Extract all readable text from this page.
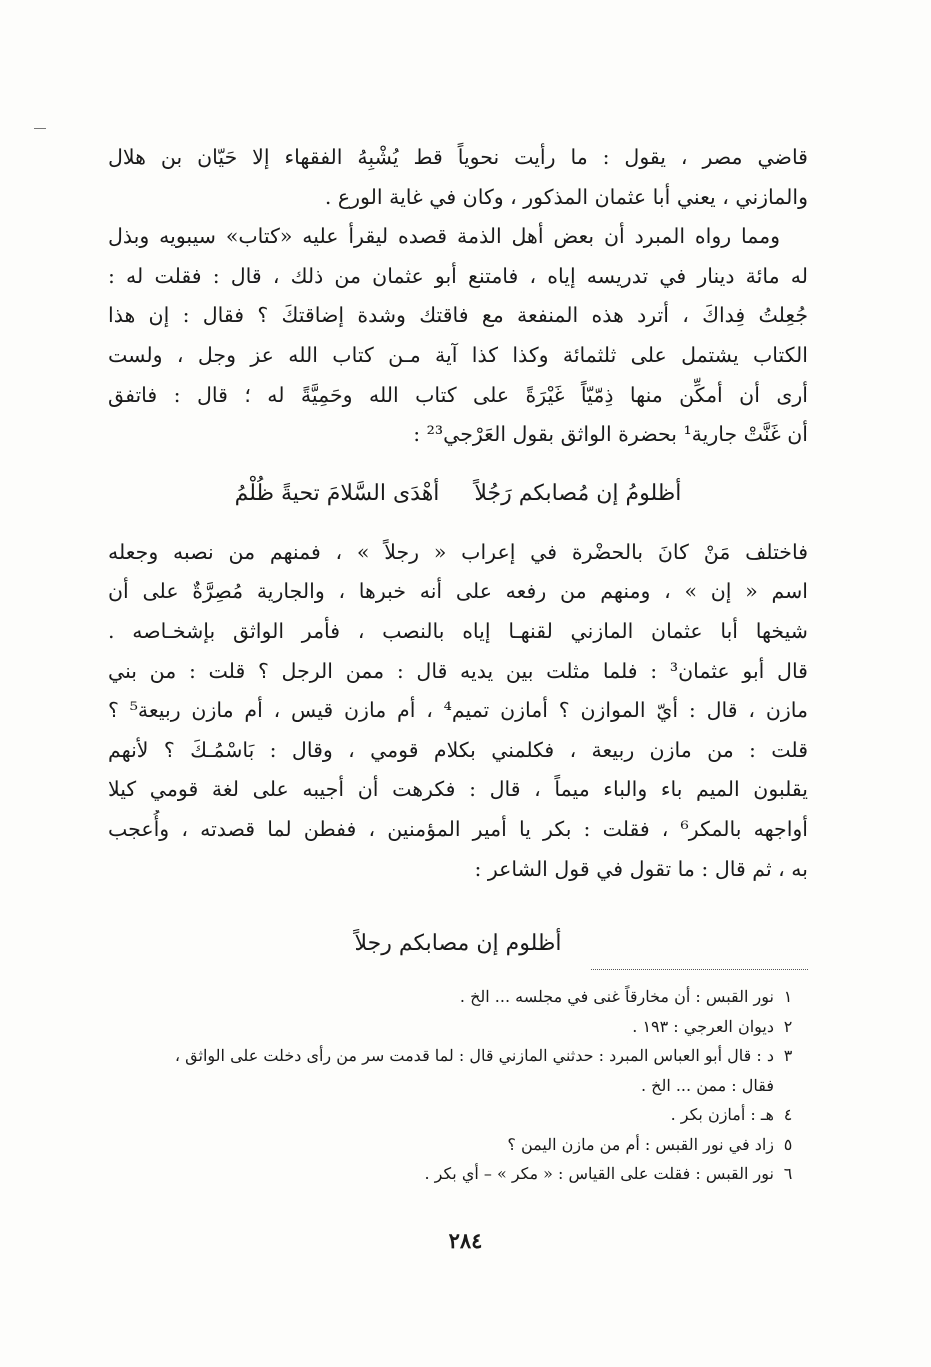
قاضي مصر ، يقول : ما رأيت نحوياً قط يُشْبِهُ الفقهاء إلا حَيّان بن هلال
والمازني ، يعني أبا عثمان المذكور ، وكان في غاية الورع .
ومما رواه المبرد أن بعض أهل الذمة قصده ليقرأ عليه «كتاب» سيبويه وبذل
له مائة دينار في تدريسه إياه ، فامتنع أبو عثمان من ذلك ، قال : فقلت له :
جُعِلتُ فِداكَ ، أترد هذه المنفعة مع فاقتك وشدة إضاقتكَ ؟ فقال : إن هذا
الكتاب يشتمل على ثلثمائة وكذا كذا آية مـن كتاب الله عز وجل ، ولست
أرى أن أمكِّن منها ذِمّيّاً غَيْرَةً على كتاب الله وحَمِيَّةً له ؛ قال : فاتفق
أن غَنَّتْ جارية¹ بحضرة الواثق بقول العَرْجي²³ :
أظلومُ إن مُصابكم رَجُلاً أهْدَى السَّلامَ تحيةً ظُلْمُ
فاختلف مَنْ كانَ بالحضْرة في إعراب « رجلاً » ، فمنهم من نصبه وجعله
اسم « إن » ، ومنهم من رفعه على أنه خبرها ، والجارية مُصِرَّةٌ على أن
شيخها أبا عثمان المازني لقنهـا إياه بالنصب ، فأمر الواثق بإشخـاصه .
قال أبو عثمان³ : فلما مثلت بين يديه قال : ممن الرجل ؟ قلت : من بني
مازن ، قال : أيّ الموازن ؟ أمازن تميم⁴ ، أم مازن قيس ، أم مازن ربيعة⁵ ؟
قلت : من مازن ربيعة ، فكلمني بكلام قومي ، وقال : بَاسْمُـكَ ؟ لأنهم
يقلبون الميم باء والباء ميماً ، قال : فكرهت أن أجيبه على لغة قومي كيلا
أواجهه بالمكر⁶ ، فقلت : بكر يا أمير المؤمنين ، ففطن لما قصدته ، وأُعجب
به ، ثم قال : ما تقول في قول الشاعر :
أظلوم إن مصابكم رجلاً
١نور القبس : أن مخارقاً غنى في مجلسه ... الخ .
٢ديوان العرجي : ١٩٣ .
٣د : قال أبو العباس المبرد : حدثني المازني قال : لما قدمت سر من رأى دخلت على الواثق ،
فقال : ممن ... الخ .
٤هـ : أمازن بكر .
٥زاد في نور القبس : أم من مازن اليمن ؟
٦نور القبس : فقلت على القياس : « مكر » – أي بكر .
٢٨٤
